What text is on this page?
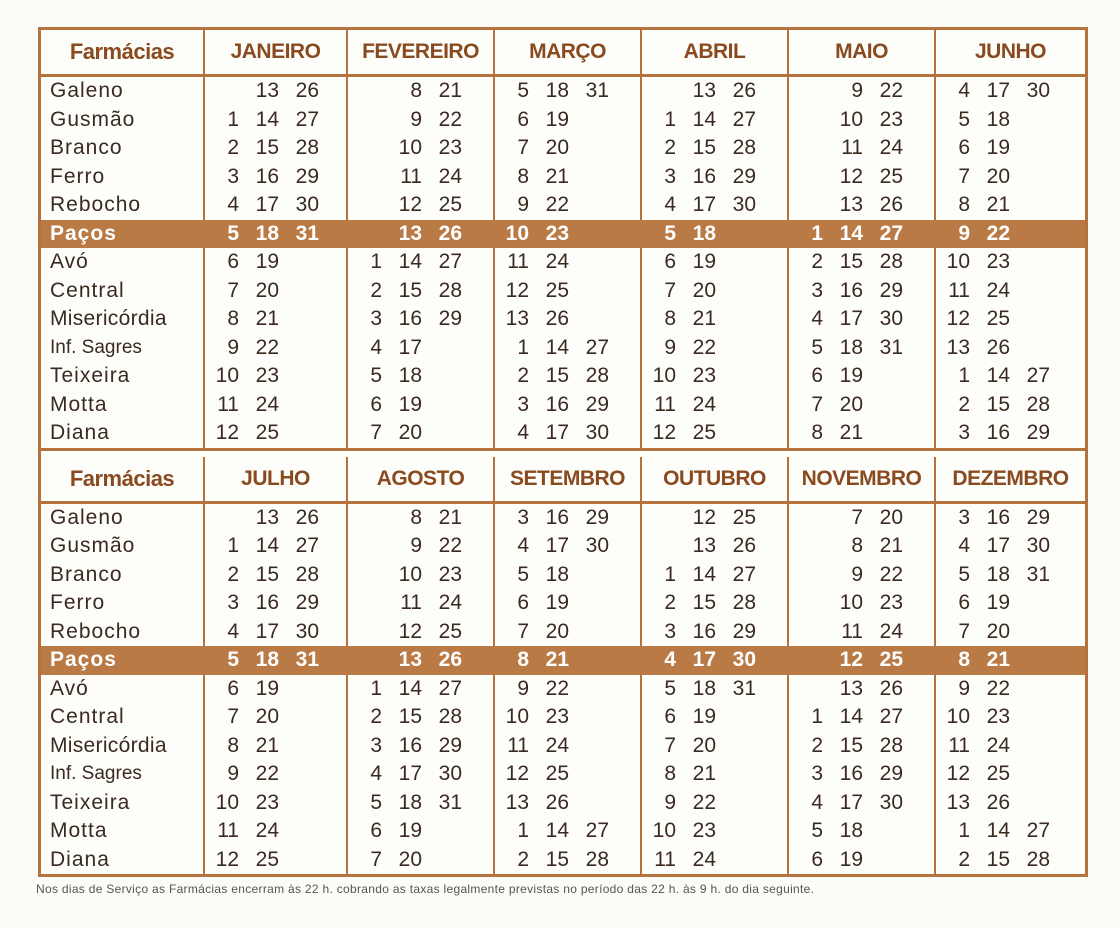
Farmácias	JANEIRO	FEVEREIRO	MARÇO	ABRIL	MAIO	JUNHO
Galeno	13 26	8 21	5 18 31	13 26	9 22	4 17 30
Gusmão	1 14 27	9 22	6 19	1 14 27	10 23	5 18
Branco	2 15 28	10 23	7 20	2 15 28	11 24	6 19
Ferro	3 16 29	11 24	8 21	3 16 29	12 25	7 20
Rebocho	4 17 30	12 25	9 22	4 17 30	13 26	8 21
Paços	5 18 31	13 26	10 23	5 18	1 14 27	9 22
Avó	6 19	1 14 27	11 24	6 19	2 15 28	10 23
Central	7 20	2 15 28	12 25	7 20	3 16 29	11 24
Misericórdia	8 21	3 16 29	13 26	8 21	4 17 30	12 25
Inf. Sagres	9 22	4 17	1 14 27	9 22	5 18 31	13 26
Teixeira	10 23	5 18	2 15 28	10 23	6 19	1 14 27
Motta	11 24	6 19	3 16 29	11 24	7 20	2 15 28
Diana	12 25	7 20	4 17 30	12 25	8 21	3 16 29
Farmácias	JULHO	AGOSTO	SETEMBRO	OUTUBRO	NOVEMBRO	DEZEMBRO
Galeno	13 26	8 21	3 16 29	12 25	7 20	3 16 29
Gusmão	1 14 27	9 22	4 17 30	13 26	8 21	4 17 30
Branco	2 15 28	10 23	5 18	1 14 27	9 22	5 18 31
Ferro	3 16 29	11 24	6 19	2 15 28	10 23	6 19
Rebocho	4 17 30	12 25	7 20	3 16 29	11 24	7 20
Paços	5 18 31	13 26	8 21	4 17 30	12 25	8 21
Avó	6 19	1 14 27	9 22	5 18 31	13 26	9 22
Central	7 20	2 15 28	10 23	6 19	1 14 27	10 23
Misericórdia	8 21	3 16 29	11 24	7 20	2 15 28	11 24
Inf. Sagres	9 22	4 17 30	12 25	8 21	3 16 29	12 25
Teixeira	10 23	5 18 31	13 26	9 22	4 17 30	13 26
Motta	11 24	6 19	1 14 27	10 23	5 18	1 14 27
Diana	12 25	7 20	2 15 28	11 24	6 19	2 15 28
Nos dias de Serviço as Farmácias encerram às 22 h. cobrando as taxas legalmente previstas no período das 22 h. às 9 h. do dia seguinte.
